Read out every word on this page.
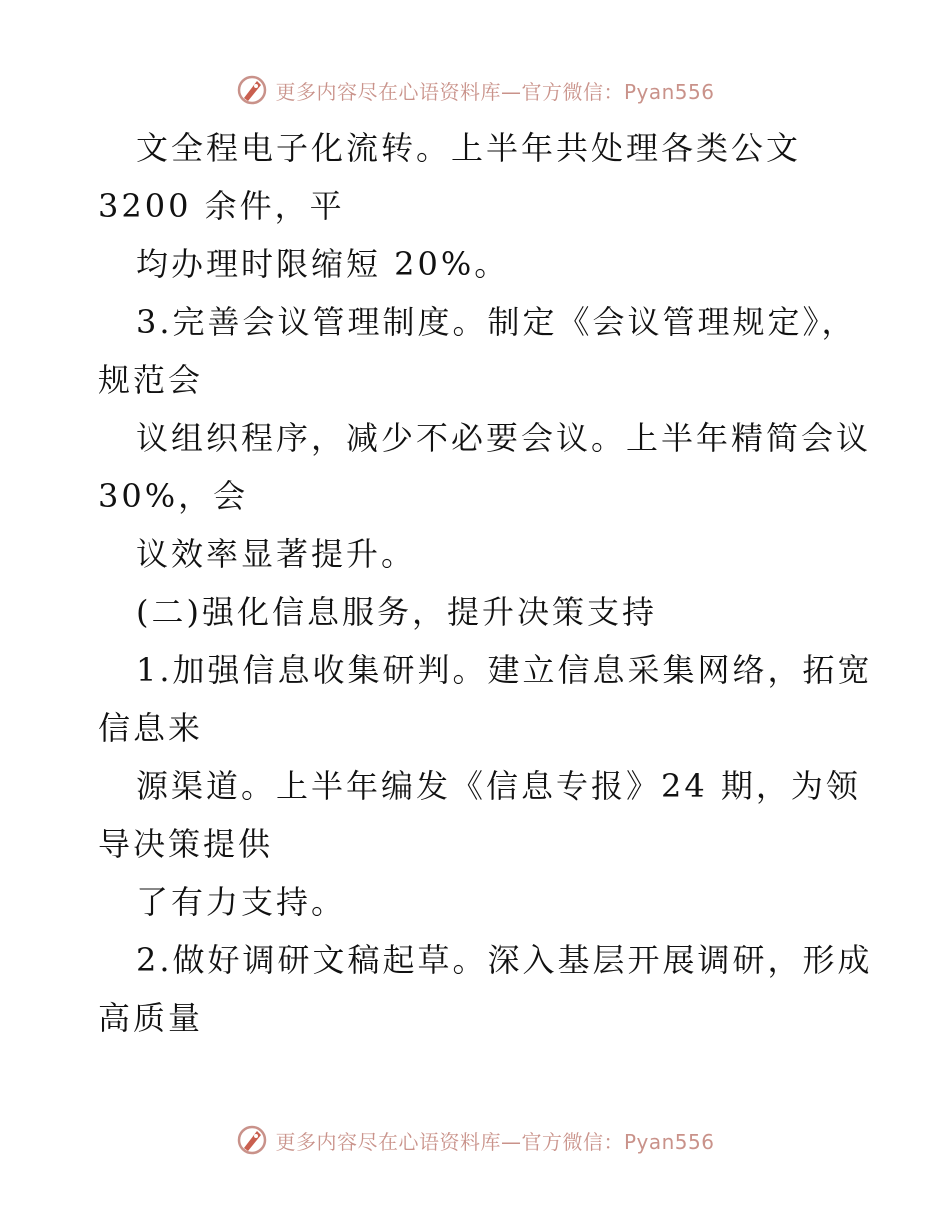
更多内容尽在心语资料库—官方微信：Pyan556
文全程电子化流转。上半年共处理各类公文
3200 余件，平
均办理时限缩短 20%。
3.完善会议管理制度。制定《会议管理规定》，
规范会
议组织程序，减少不必要会议。上半年精简会议
30%，会
议效率显著提升。
(二)强化信息服务，提升决策支持
1.加强信息收集研判。建立信息采集网络，拓宽
信息来
源渠道。上半年编发《信息专报》24 期，为领
导决策提供
了有力支持。
2.做好调研文稿起草。深入基层开展调研，形成
高质量
更多内容尽在心语资料库—官方微信：Pyan556
